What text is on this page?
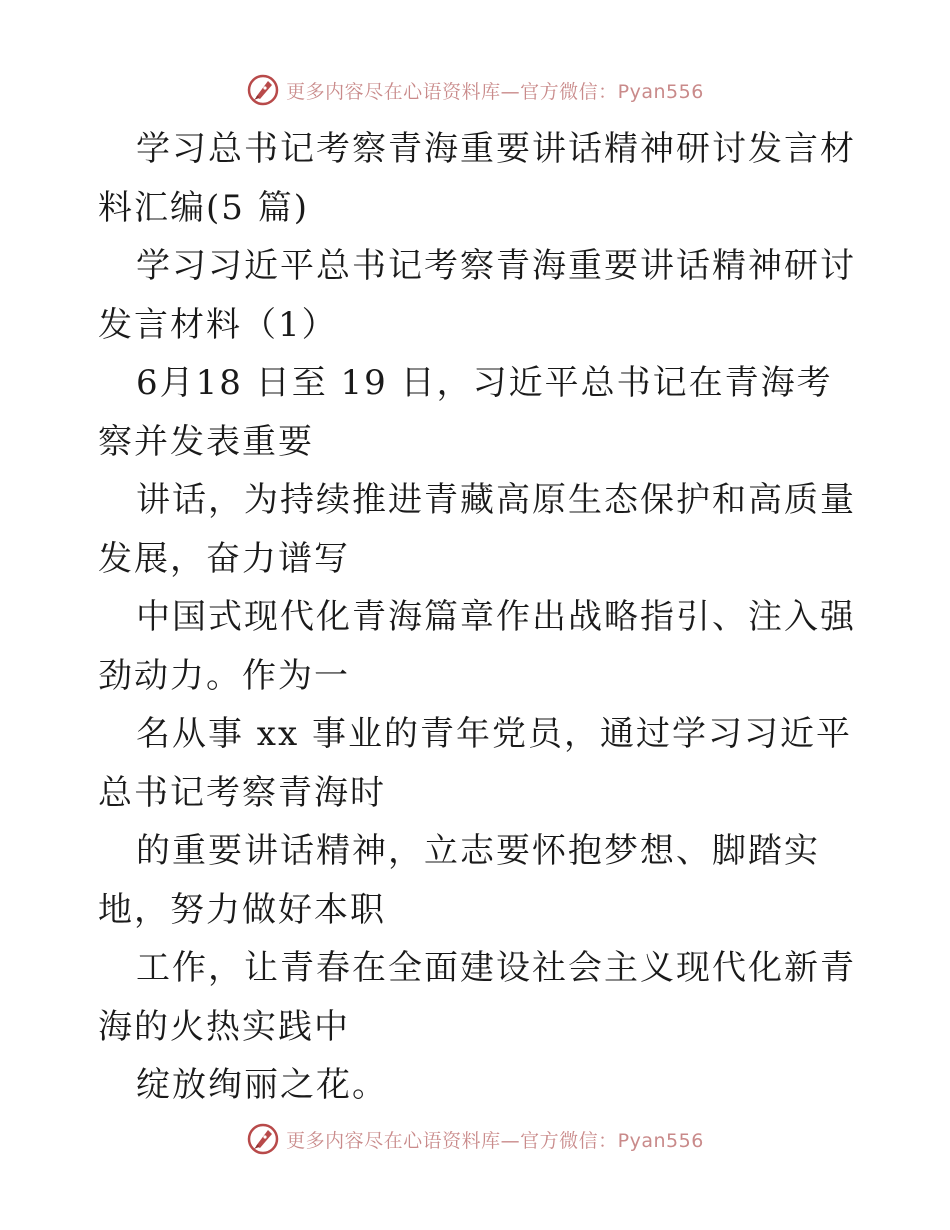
更多内容尽在心语资料库—官方微信：Pyan556

学习总书记考察青海重要讲话精神研讨发言材料汇编(5 篇)

学习习近平总书记考察青海重要讲话精神研讨发言材料（1）

6月18 日至 19 日，习近平总书记在青海考察并发表重要

讲话，为持续推进青藏高原生态保护和高质量发展，奋力谱写

中国式现代化青海篇章作出战略指引、注入强劲动力。作为一

名从事 xx 事业的青年党员，通过学习习近平总书记考察青海时

的重要讲话精神，立志要怀抱梦想、脚踏实地，努力做好本职

工作，让青春在全面建设社会主义现代化新青海的火热实践中

绽放绚丽之花。

更多内容尽在心语资料库—官方微信：Pyan556
